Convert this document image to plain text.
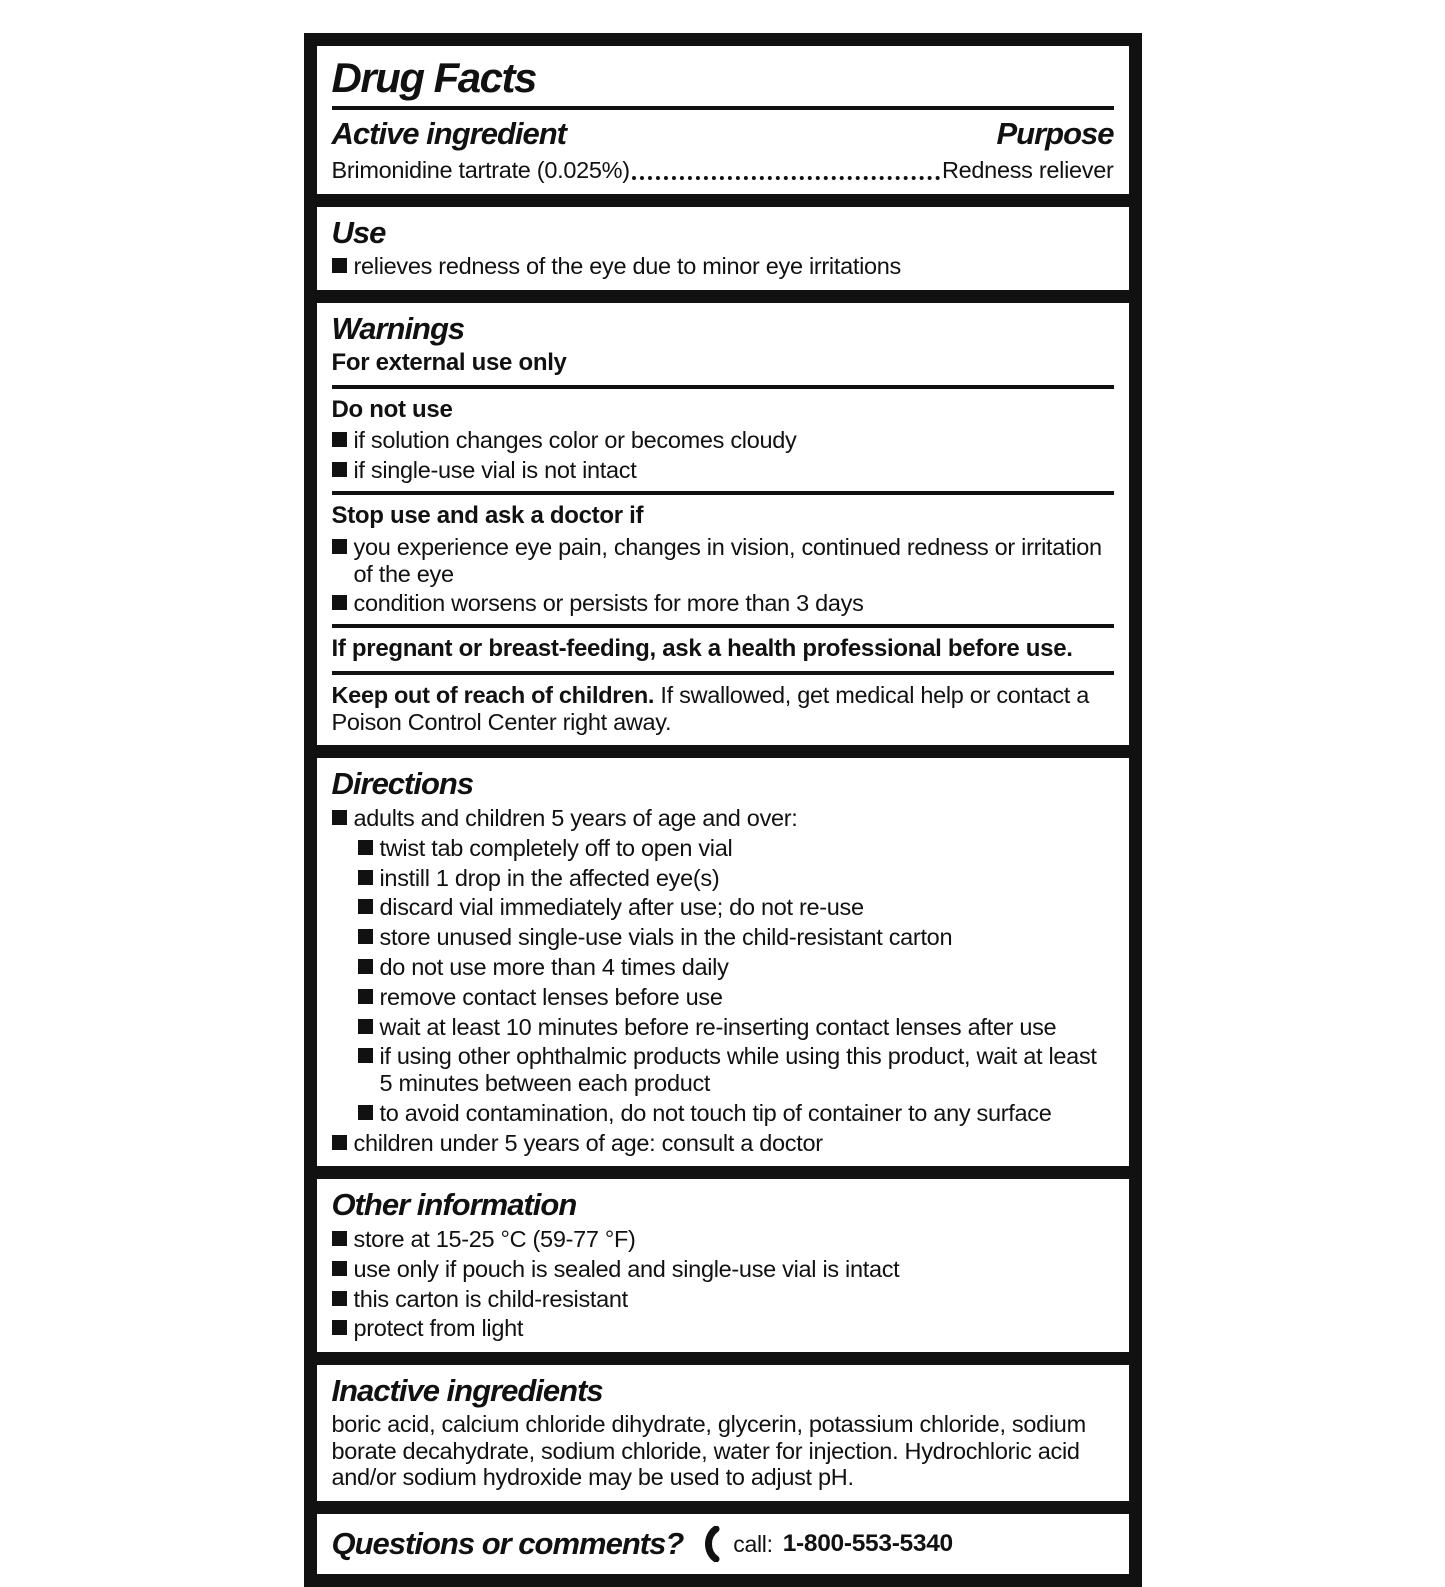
Drug Facts
Active ingredient	Purpose
Brimonidine tartrate (0.025%)	Redness reliever
Use
relieves redness of the eye due to minor eye irritations
Warnings
For external use only
Do not use
if solution changes color or becomes cloudy
if single-use vial is not intact
Stop use and ask a doctor if
you experience eye pain, changes in vision, continued redness or irritation of the eye
condition worsens or persists for more than 3 days
If pregnant or breast-feeding, ask a health professional before use.
Keep out of reach of children. If swallowed, get medical help or contact a Poison Control Center right away.
Directions
adults and children 5 years of age and over:
twist tab completely off to open vial
instill 1 drop in the affected eye(s)
discard vial immediately after use; do not re-use
store unused single-use vials in the child-resistant carton
do not use more than 4 times daily
remove contact lenses before use
wait at least 10 minutes before re-inserting contact lenses after use
if using other ophthalmic products while using this product, wait at least 5 minutes between each product
to avoid contamination, do not touch tip of container to any surface
children under 5 years of age: consult a doctor
Other information
store at 15-25 °C (59-77 °F)
use only if pouch is sealed and single-use vial is intact
this carton is child-resistant
protect from light
Inactive ingredients
boric acid, calcium chloride dihydrate, glycerin, potassium chloride, sodium borate decahydrate, sodium chloride, water for injection. Hydrochloric acid and/or sodium hydroxide may be used to adjust pH.
Questions or comments? call: 1-800-553-5340
